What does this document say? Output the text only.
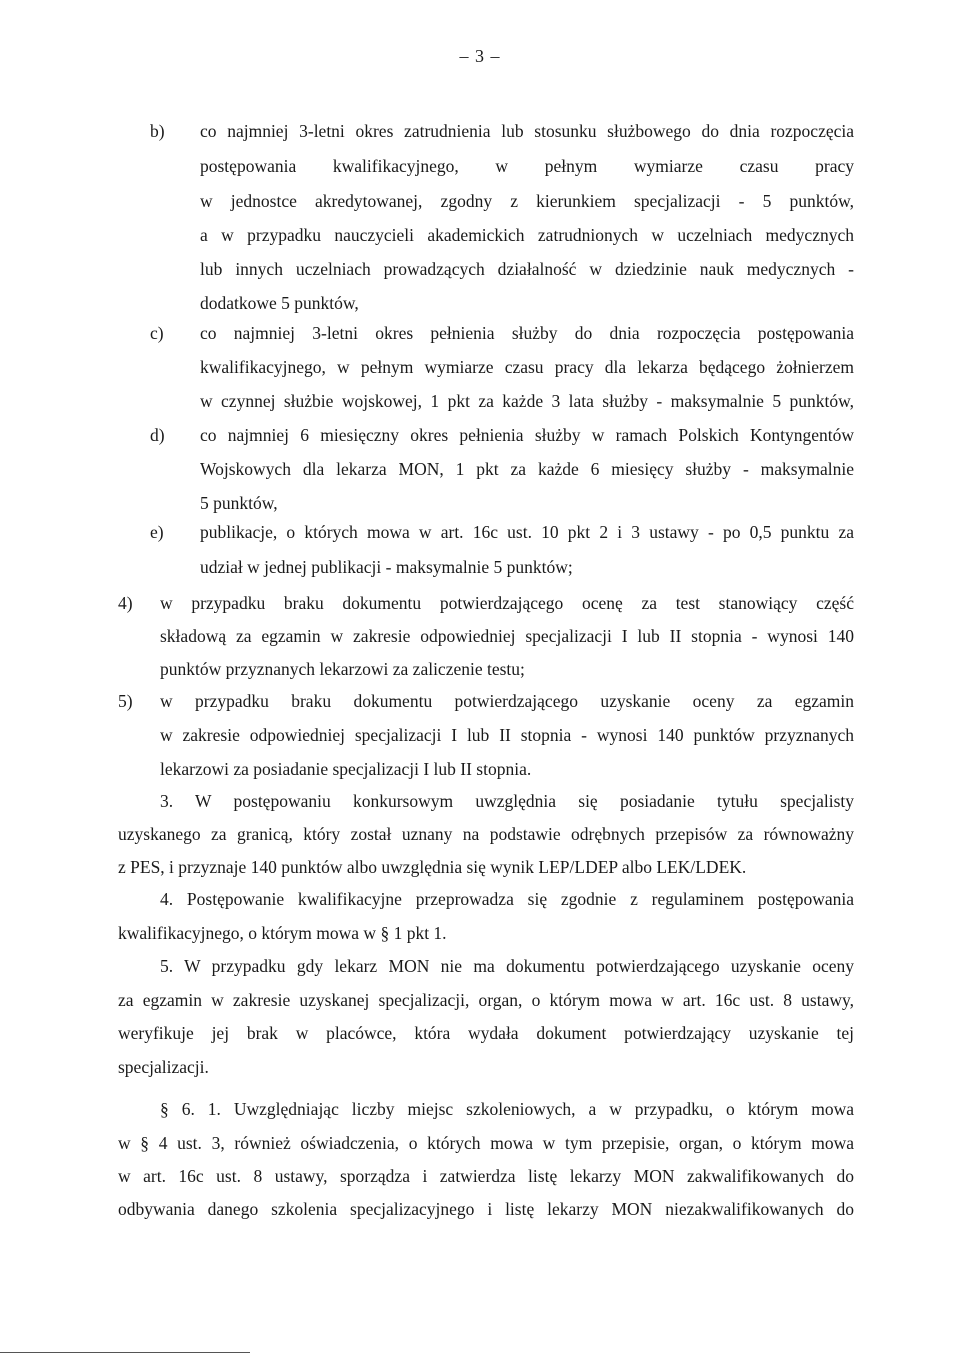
– 3 –
b) co najmniej 3-letni okres zatrudnienia lub stosunku służbowego do dnia rozpoczęcia
postępowania kwalifikacyjnego, w pełnym wymiarze czasu pracy
w jednostce akredytowanej, zgodny z kierunkiem specjalizacji - 5 punktów,
a w przypadku nauczycieli akademickich zatrudnionych w uczelniach medycznych
lub innych uczelniach prowadzących działalność w dziedzinie nauk medycznych -
dodatkowe 5 punktów,
c) co najmniej 3-letni okres pełnienia służby do dnia rozpoczęcia postępowania
kwalifikacyjnego, w pełnym wymiarze czasu pracy dla lekarza będącego żołnierzem
w czynnej służbie wojskowej, 1 pkt za każde 3 lata służby - maksymalnie 5 punktów,
d) co najmniej 6 miesięczny okres pełnienia służby w ramach Polskich Kontyngentów
Wojskowych dla lekarza MON, 1 pkt za każde 6 miesięcy służby - maksymalnie
5 punktów,
e) publikacje, o których mowa w art. 16c ust. 10 pkt 2 i 3 ustawy - po 0,5 punktu za
udział w jednej publikacji - maksymalnie 5 punktów;
4) w przypadku braku dokumentu potwierdzającego ocenę za test stanowiący część
składową za egzamin w zakresie odpowiedniej specjalizacji I lub II stopnia - wynosi 140
punktów przyznanych lekarzowi za zaliczenie testu;
5) w przypadku braku dokumentu potwierdzającego uzyskanie oceny za egzamin
w zakresie odpowiedniej specjalizacji I lub II stopnia - wynosi 140 punktów przyznanych
lekarzowi za posiadanie specjalizacji I lub II stopnia.
3. W postępowaniu konkursowym uwzględnia się posiadanie tytułu specjalisty
uzyskanego za granicą, który został uznany na podstawie odrębnych przepisów za równoważny
z PES, i przyznaje 140 punktów albo uwzględnia się wynik LEP/LDEP albo LEK/LDEK.
4. Postępowanie kwalifikacyjne przeprowadza się zgodnie z regulaminem postępowania
kwalifikacyjnego, o którym mowa w § 1 pkt 1.
5. W przypadku gdy lekarz MON nie ma dokumentu potwierdzającego uzyskanie oceny
za egzamin w zakresie uzyskanej specjalizacji, organ, o którym mowa w art. 16c ust. 8 ustawy,
weryfikuje jej brak w placówce, która wydała dokument potwierdzający uzyskanie tej
specjalizacji.
§ 6. 1. Uwzględniając liczby miejsc szkoleniowych, a w przypadku, o którym mowa
w § 4 ust. 3, również oświadczenia, o których mowa w tym przepisie, organ, o którym mowa
w art. 16c ust. 8 ustawy, sporządza i zatwierdza listę lekarzy MON zakwalifikowanych do
odbywania danego szkolenia specjalizacyjnego i listę lekarzy MON niezakwalifikowanych do
